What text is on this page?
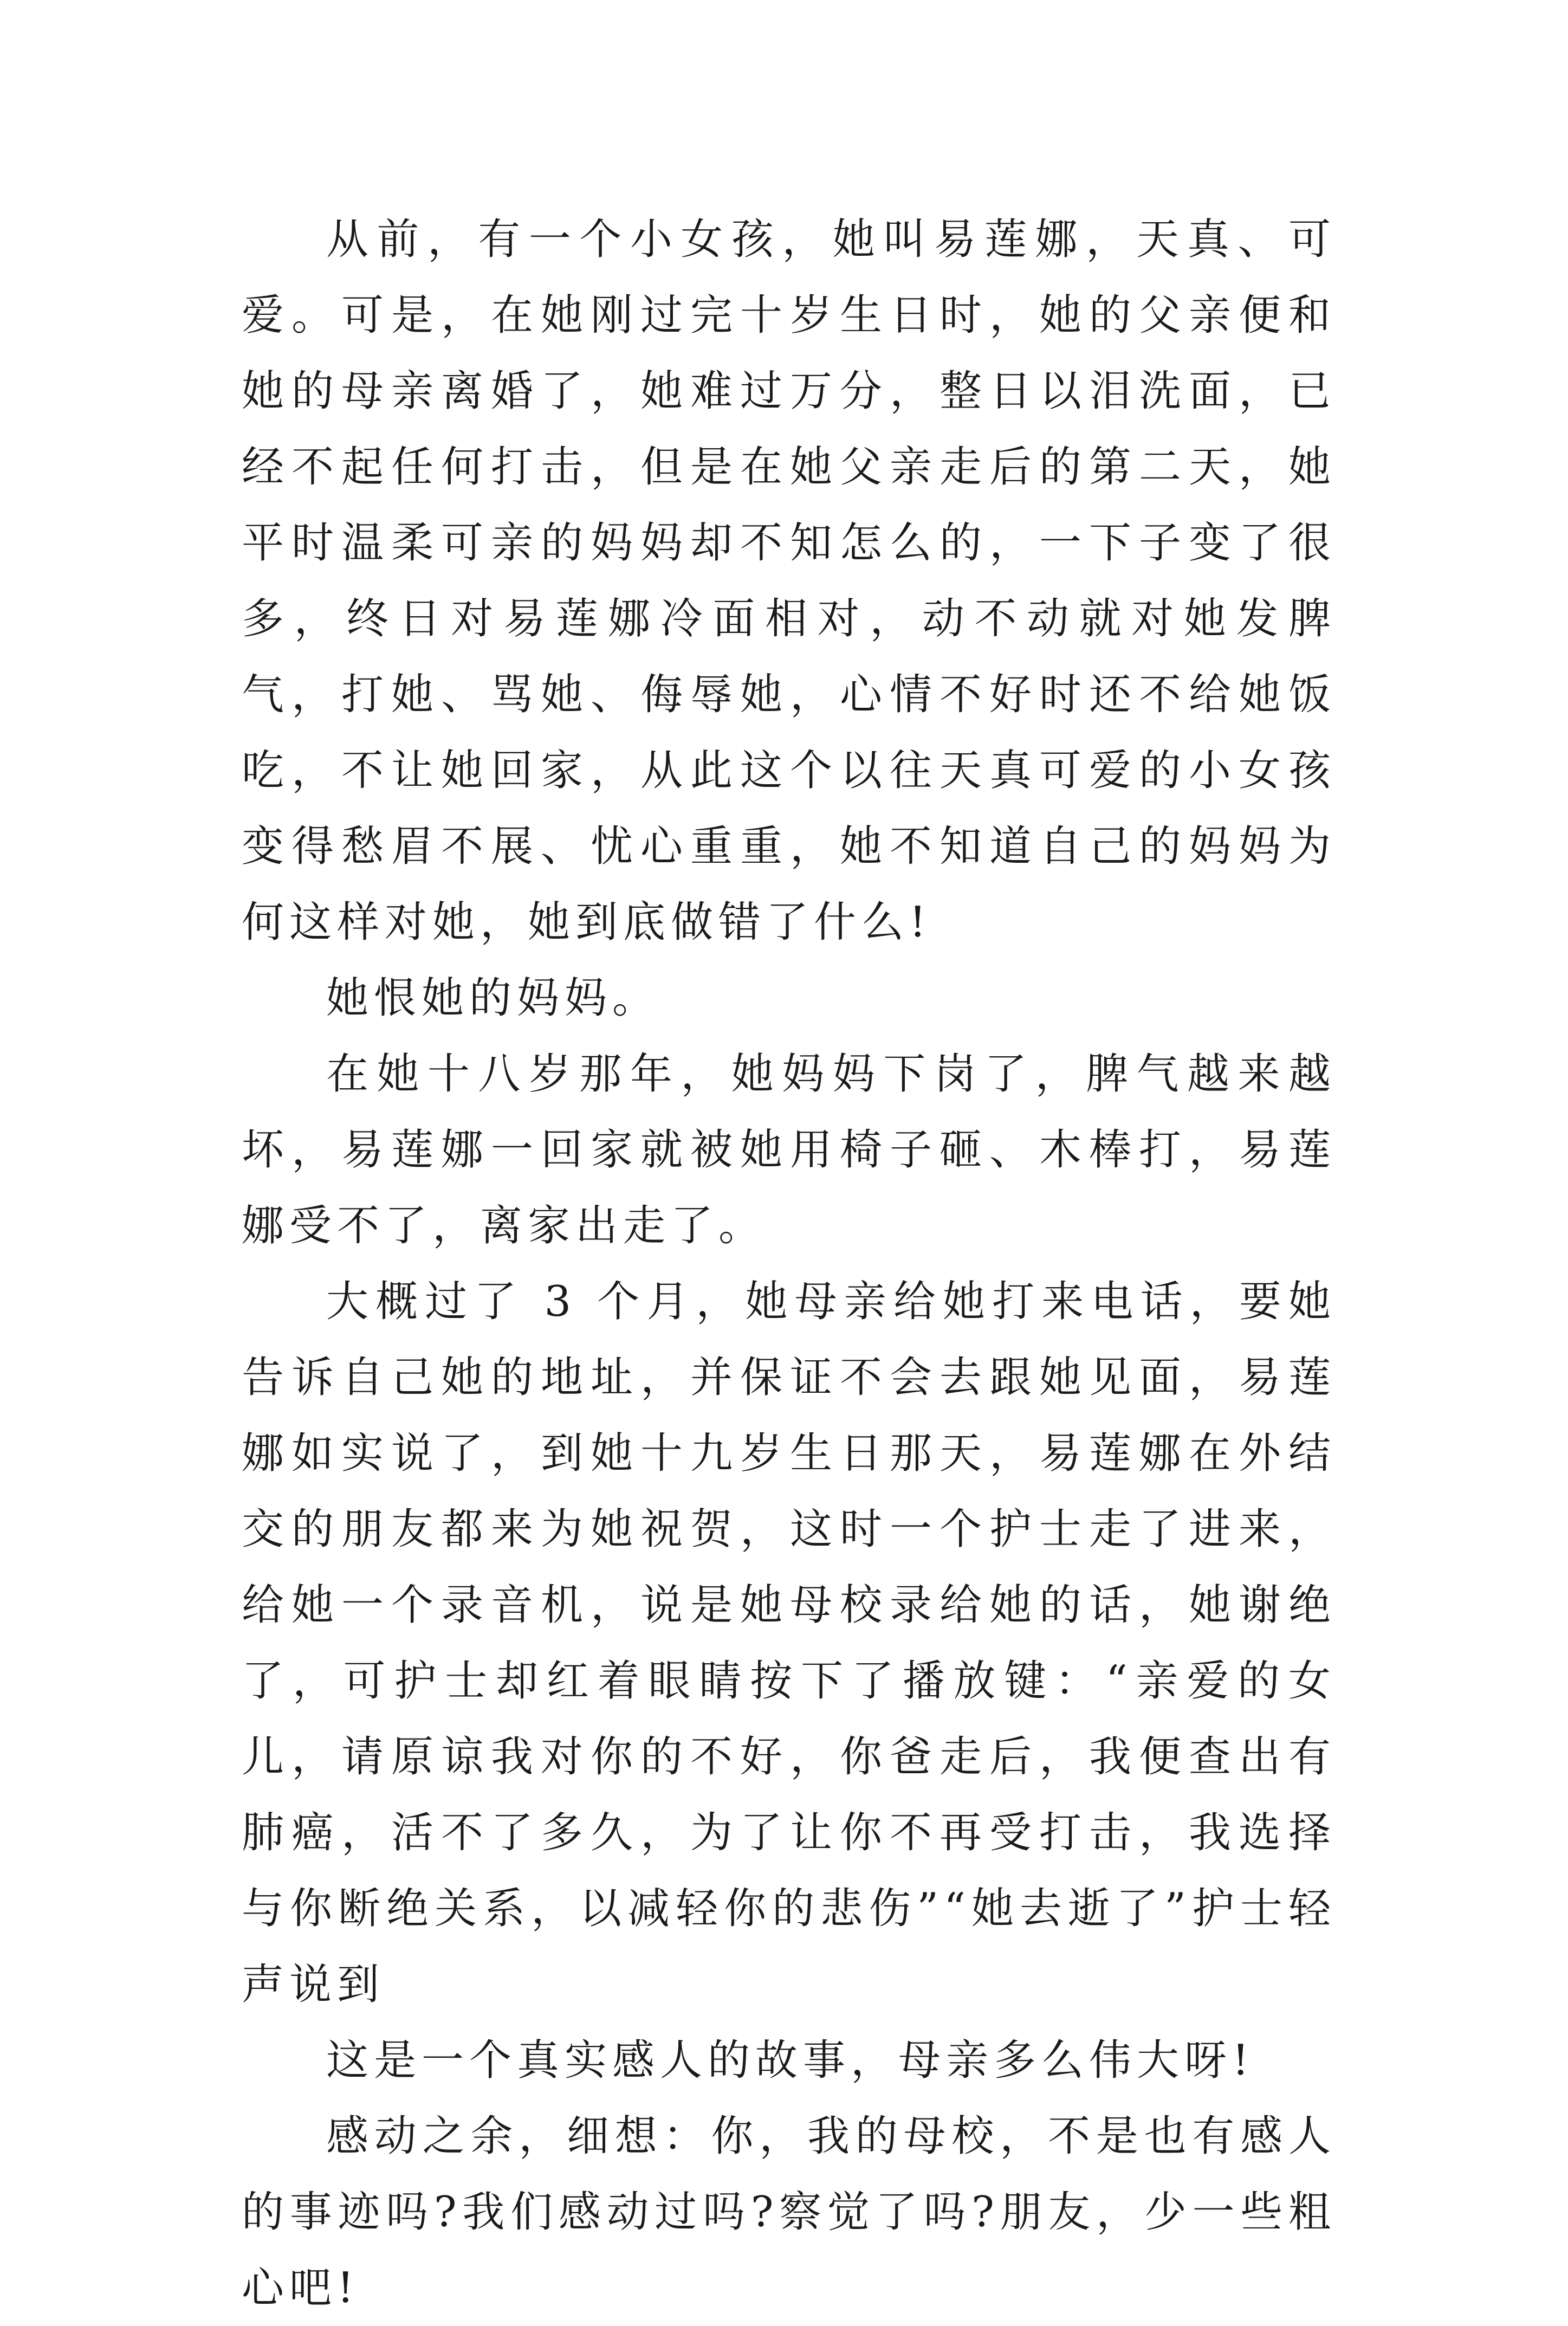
从前，有一个小女孩，她叫易莲娜，天真、可爱。可是，在她刚过完十岁生日时，她的父亲便和她的母亲离婚了，她难过万分，整日以泪洗面，已经不起任何打击，但是在她父亲走后的第二天，她平时温柔可亲的妈妈却不知怎么的，一下子变了很多，终日对易莲娜冷面相对，动不动就对她发脾气，打她、骂她、侮辱她，心情不好时还不给她饭吃，不让她回家，从此这个以往天真可爱的小女孩变得愁眉不展、忧心重重，她不知道自己的妈妈为何这样对她，她到底做错了什么!

她恨她的妈妈。

在她十八岁那年，她妈妈下岗了，脾气越来越坏，易莲娜一回家就被她用椅子砸、木棒打，易莲娜受不了，离家出走了。

大概过了 3 个月，她母亲给她打来电话，要她告诉自己她的地址，并保证不会去跟她见面，易莲娜如实说了，到她十九岁生日那天，易莲娜在外结交的朋友都来为她祝贺，这时一个护士走了进来，给她一个录音机，说是她母校录给她的话，她谢绝了，可护士却红着眼睛按下了播放键：“亲爱的女儿，请原谅我对你的不好，你爸走后，我便查出有肺癌，活不了多久，为了让你不再受打击，我选择与你断绝关系，以减轻你的悲伤”“她去逝了”护士轻声说到

这是一个真实感人的故事，母亲多么伟大呀!

感动之余，细想：你，我的母校，不是也有感人的事迹吗?我们感动过吗?察觉了吗?朋友，少一些粗心吧!
